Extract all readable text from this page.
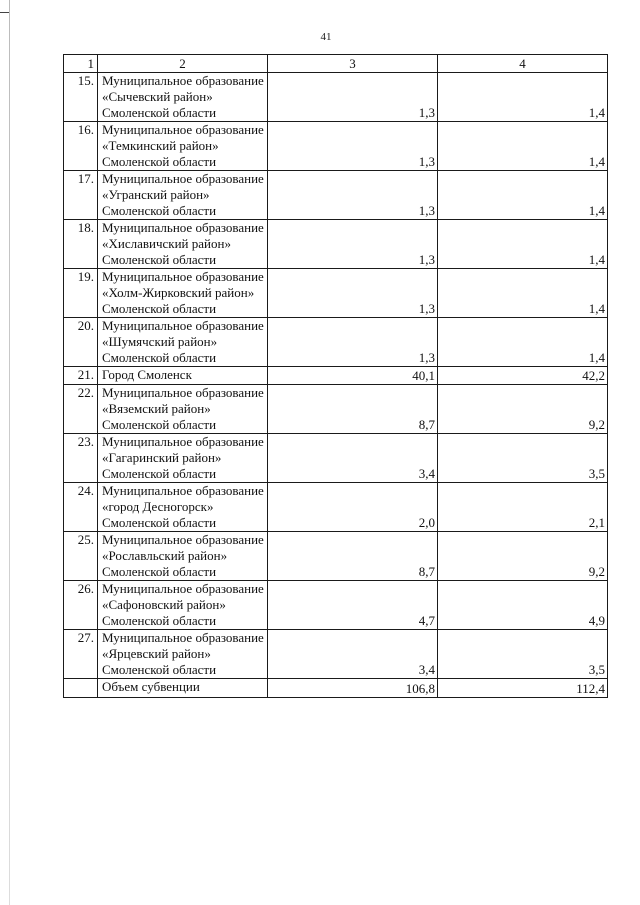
41
1	2	3	4
15.	Муниципальное образование «Сычевский район» Смоленской области	1,3	1,4
16.	Муниципальное образование «Темкинский район» Смоленской области	1,3	1,4
17.	Муниципальное образование «Угранский район» Смоленской области	1,3	1,4
18.	Муниципальное образование «Хиславичский район» Смоленской области	1,3	1,4
19.	Муниципальное образование «Холм-Жирковский район» Смоленской области	1,3	1,4
20.	Муниципальное образование «Шумячский район» Смоленской области	1,3	1,4
21.	Город Смоленск	40,1	42,2
22.	Муниципальное образование «Вяземский район» Смоленской области	8,7	9,2
23.	Муниципальное образование «Гагаринский район» Смоленской области	3,4	3,5
24.	Муниципальное образование «город Десногорск» Смоленской области	2,0	2,1
25.	Муниципальное образование «Рославльский район» Смоленской области	8,7	9,2
26.	Муниципальное образование «Сафоновский район» Смоленской области	4,7	4,9
27.	Муниципальное образование «Ярцевский район» Смоленской области	3,4	3,5
	Объем субвенции	106,8	112,4
